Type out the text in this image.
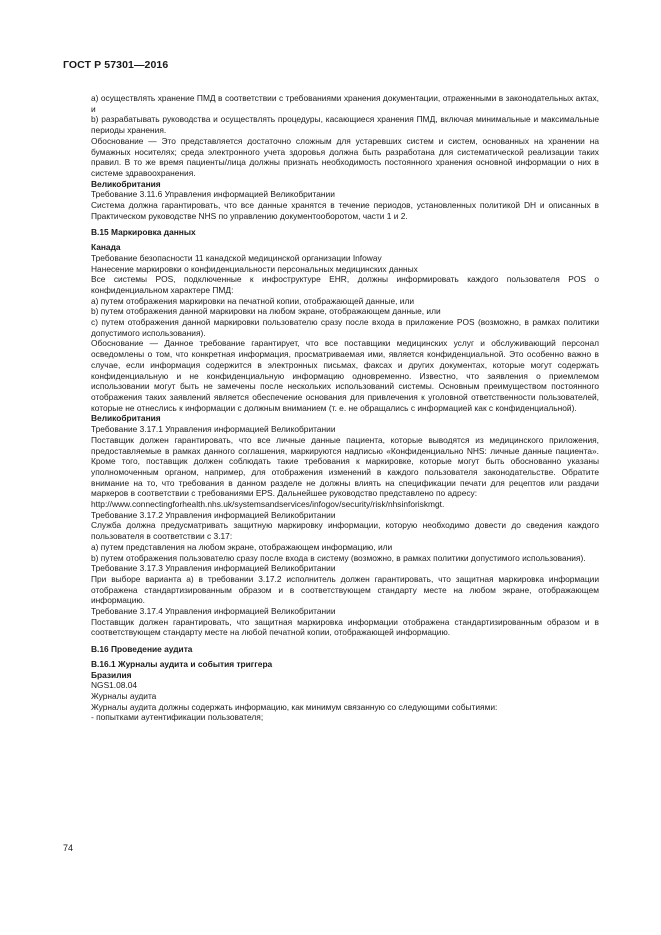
ГОСТ Р 57301—2016

а) осуществлять хранение ПМД в соответствии с требованиями хранения документации, отраженными в законодательных актах, и

b) разрабатывать руководства и осуществлять процедуры, касающиеся хранения ПМД, включая минимальные и максимальные периоды хранения.

Обоснование — Это представляется достаточно сложным для устаревших систем и систем, основанных на хранении на бумажных носителях; среда электронного учета здоровья должна быть разработана для систематической реализации таких правил. В то же время пациенты/лица должны признать необходимость постоянного хранения основной информации о них в системе здравоохранения.

Великобритания

Требование 3.11.6 Управления информацией Великобритании

Система должна гарантировать, что все данные хранятся в течение периодов, установленных политикой DH и описанных в Практическом руководстве NHS по управлению документооборотом, части 1 и 2.

В.15 Маркировка данных

Канада

Требование безопасности 11 канадской медицинской организации Infoway

Нанесение маркировки о конфиденциальности персональных медицинских данных

Все системы POS, подключенные к инфоструктуре EHR, должны информировать каждого пользователя POS о конфиденциальном характере ПМД:

а) путем отображения маркировки на печатной копии, отображающей данные, или

b) путем отображения данной маркировки на любом экране, отображающем данные, или

c) путем отображения данной маркировки пользователю сразу после входа в приложение POS (возможно, в рамках политики допустимого использования).

Обоснование — Данное требование гарантирует, что все поставщики медицинских услуг и обслуживающий персонал осведомлены о том, что конкретная информация, просматриваемая ими, является конфиденциальной. Это особенно важно в случае, если информация содержится в электронных письмах, факсах и других документах, которые могут содержать конфиденциальную и не конфиденциальную информацию одновременно. Известно, что заявления о приемлемом использовании могут быть не замечены после нескольких использований системы. Основным преимуществом постоянного отображения таких заявлений является обеспечение основания для привлечения к уголовной ответственности пользователей, которые не отнеслись к информации с должным вниманием (т. е. не обращались с информацией как с конфиденциальной).

Великобритания

Требование 3.17.1 Управления информацией Великобритании

Поставщик должен гарантировать, что все личные данные пациента, которые выводятся из медицинского приложения, предоставляемые в рамках данного соглашения, маркируются надписью «Конфиденциально NHS: личные данные пациента». Кроме того, поставщик должен соблюдать такие требования к маркировке, которые могут быть обоснованно указаны уполномоченным органом, например, для отображения изменений в каждого пользователя законодательстве. Обратите внимание на то, что требования в данном разделе не должны влиять на спецификации печати для рецептов или раздачи маркеров в соответствии с требованиями EPS. Дальнейшее руководство представлено по адресу:

http://www.connectingforhealth.nhs.uk/systemsandservices/infogov/security/risk/nhsinforiskmgt.

Требование 3.17.2 Управления информацией Великобритании

Служба должна предусматривать защитную маркировку информации, которую необходимо довести до сведения каждого пользователя в соответствии с 3.17:

а) путем представления на любом экране, отображающем информацию, или

b) путем отображения пользователю сразу после входа в систему (возможно, в рамках политики допустимого использования).

Требование 3.17.3 Управления информацией Великобритании

При выборе варианта а) в требовании 3.17.2 исполнитель должен гарантировать, что защитная маркировка информации отображена стандартизированным образом и в соответствующем стандарту месте на любом экране, отображающем информацию.

Требование 3.17.4 Управления информацией Великобритании

Поставщик должен гарантировать, что защитная маркировка информации отображена стандартизированным образом и в соответствующем стандарту месте на любой печатной копии, отображающей информацию.

В.16 Проведение аудита

В.16.1 Журналы аудита и события триггера

Бразилия

NGS1.08.04

Журналы аудита

Журналы аудита должны содержать информацию, как минимум связанную со следующими событиями:

- попытками аутентификации пользователя;

74
